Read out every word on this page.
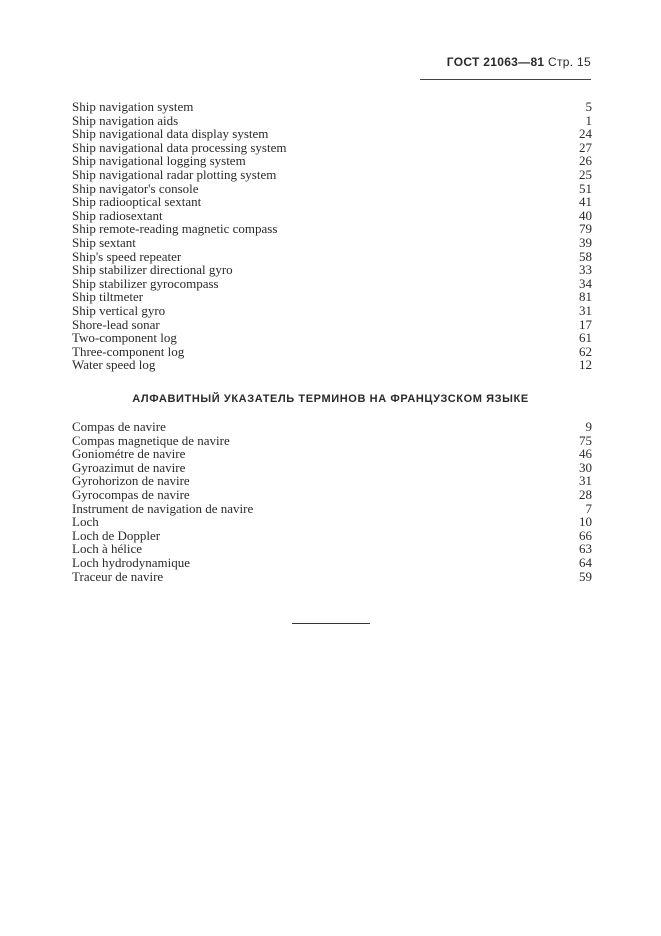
ГОСТ 21063—81 Стр. 15
Ship navigation system	5
Ship navigation aids	1
Ship navigational data display system	24
Ship navigational data processing system	27
Ship navigational logging system	26
Ship navigational radar plotting system	25
Ship navigator's console	51
Ship radiooptical sextant	41
Ship radiosextant	40
Ship remote-reading magnetic compass	79
Ship sextant	39
Ship's speed repeater	58
Ship stabilizer directional gyro	33
Ship stabilizer gyrocompass	34
Ship tiltmeter	81
Ship vertical gyro	31
Shore-lead sonar	17
Two-component log	61
Three-component log	62
Water speed log	12
АЛФАВИТНЫЙ УКАЗАТЕЛЬ ТЕРМИНОВ НА ФРАНЦУЗСКОМ ЯЗЫКЕ
Compas de navire	9
Compas magnetique de navire	75
Goniométre de navire	46
Gyroazimut de navire	30
Gyrohorizon de navire	31
Gyrocompas de navire	28
Instrument de navigation de navire	7
Loch	10
Loch de Doppler	66
Loch à hélice	63
Loch hydrodynamique	64
Traceur de navire	59
